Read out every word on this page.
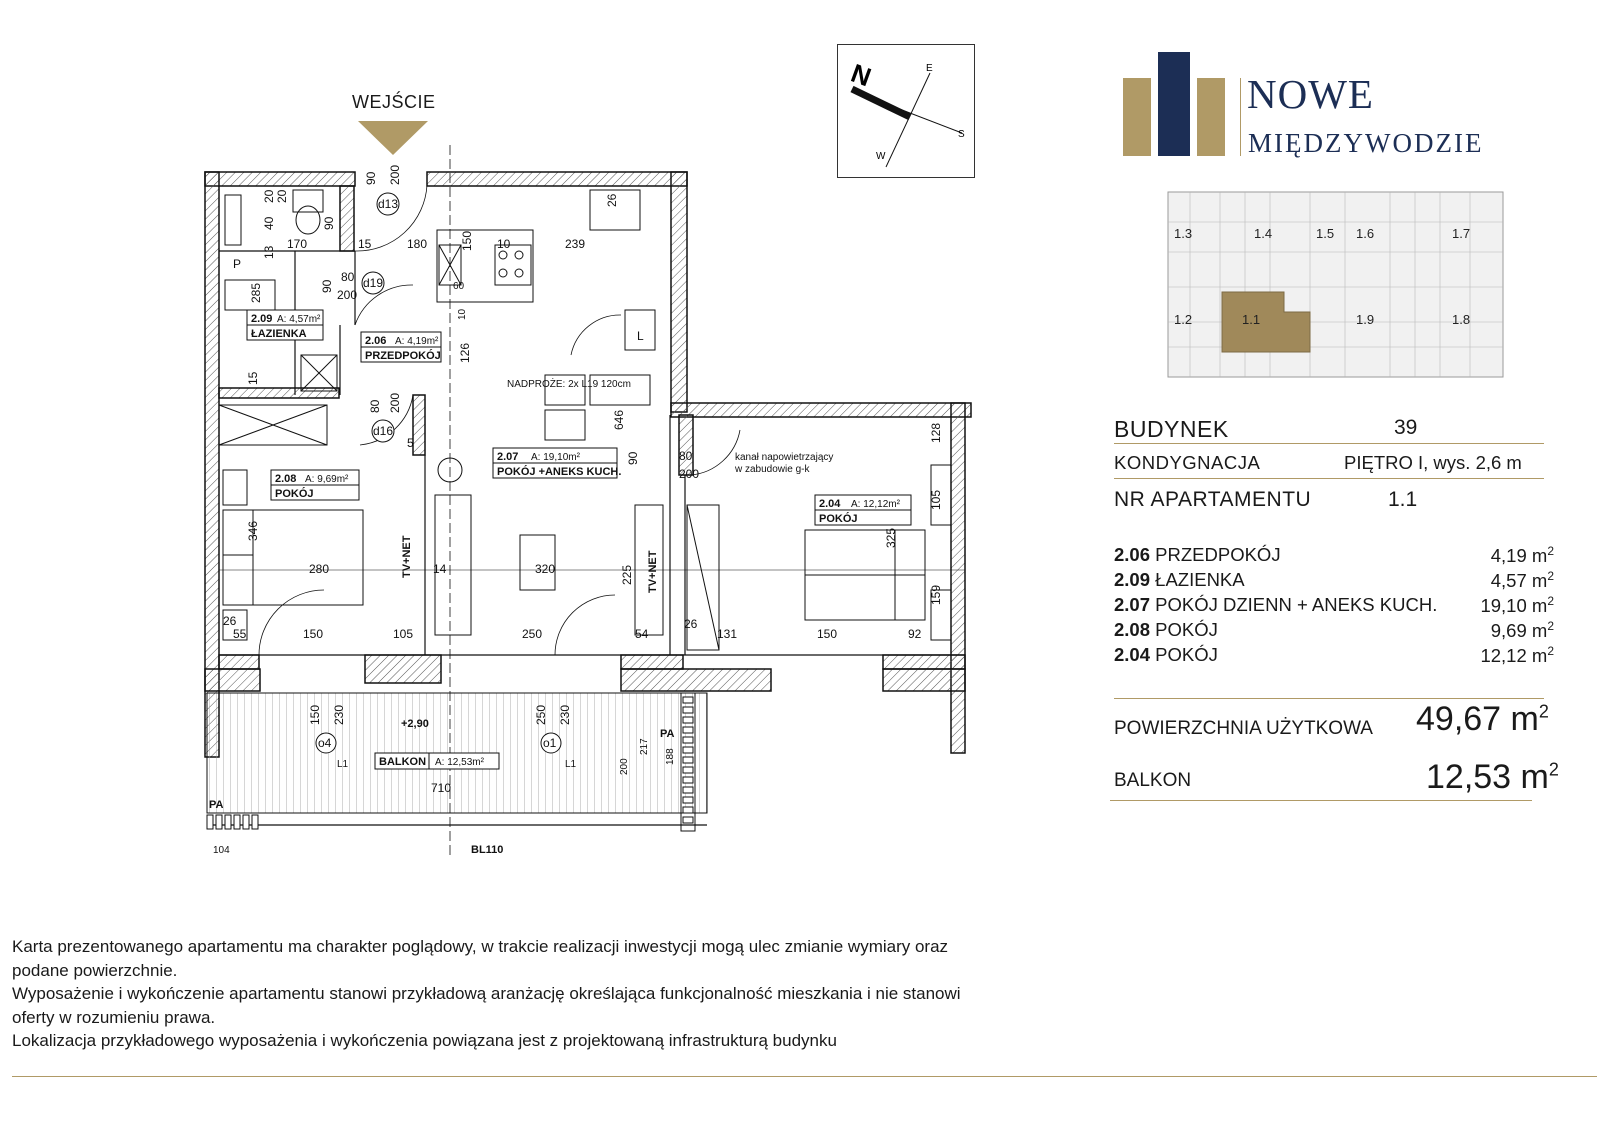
WEJŚCIE
2.09 A: 4,57m²
ŁAZIENKA
2.06 A: 4,19m²
PRZEDPOKÓJ
2.08 A: 9,69m²
POKÓJ
2.07 A: 19,10m²
POKÓJ +ANEKS KUCH.
2.04 A: 12,12m²
POKÓJ
BALKON A: 12,53m²
d13
d19
d16
o4	o1
90 200
20
40
20
90
170	15	180	150 10	239
26
13
285
80
200
90	60
10
126
P
L
80 200
646
90
5
15
80
200
128
105
325
159
346
280	14	320	225
26
55	150	105	250	54
26
131	150	92
150 230	250 230
200
217
188
710
104	BL110
NADPROŻE: 2x L19 120cm
kanał napowietrzający
w zabudowie g-k
TV+NET	TV+NET
+2,90
PA
PA
L1	L1
N	E
S
W
NOWE
MIĘDZYWODZIE
1.3	1.4	1.5 1.6	1.7
1.2	1.1	1.9	1.8
BUDYNEK	39
KONDYGNACJA	PIĘTRO I, wys. 2,6 m
NR APARTAMENTU	1.1
2.06 PRZEDPOKÓJ	4,19 $m^2$
2.09 ŁAZIENKA	4,57 $m^2$
2.07 POKÓJ DZIENN + ANEKS KUCH. 19,10 $m^2$
2.08 POKÓJ	9,69 $m^2$
2.04 POKÓJ	12,12 $m^2$
POWIERZCHNIA UŻYTKOWA 49,67 $m^2$
BALKON	12,53 $m^2$
Karta prezentowanego apartamentu ma charakter poglądowy, w trakcie realizacji inwestycji mogą ulec zmianie wymiary oraz
podane powierzchnie.
Wyposażenie i wykończenie apartamentu stanowi przykładową aranżację określająca funkcjonalność mieszkania i nie stanowi
oferty w rozumieniu prawa.
Lokalizacja przykładowego wyposażenia i wykończenia powiązana jest z projektowaną infrastrukturą budynku
